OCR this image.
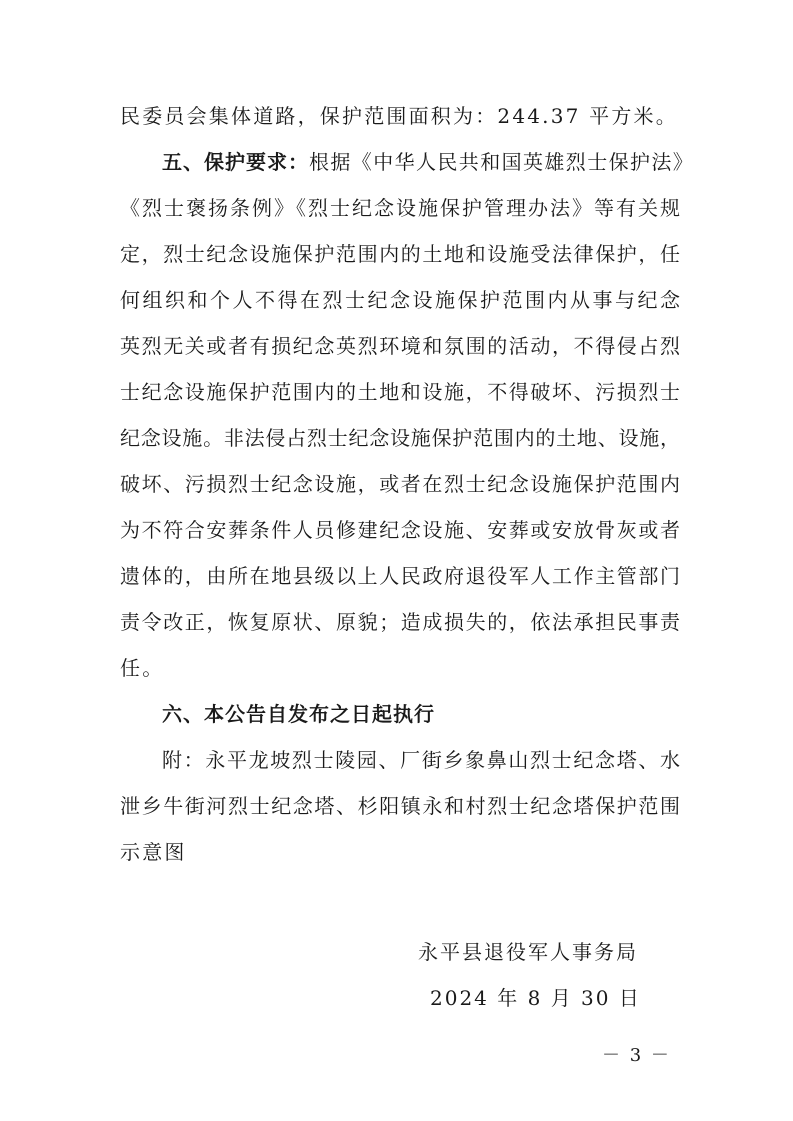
民委员会集体道路，保护范围面积为：244.37 平方米。
五、保护要求：根据《中华人民共和国英雄烈士保护法》
《烈士褒扬条例》《烈士纪念设施保护管理办法》等有关规
定，烈士纪念设施保护范围内的土地和设施受法律保护，任
何组织和个人不得在烈士纪念设施保护范围内从事与纪念
英烈无关或者有损纪念英烈环境和氛围的活动，不得侵占烈
士纪念设施保护范围内的土地和设施，不得破坏、污损烈士
纪念设施。非法侵占烈士纪念设施保护范围内的土地、设施，
破坏、污损烈士纪念设施，或者在烈士纪念设施保护范围内
为不符合安葬条件人员修建纪念设施、安葬或安放骨灰或者
遗体的，由所在地县级以上人民政府退役军人工作主管部门
责令改正，恢复原状、原貌；造成损失的，依法承担民事责
任。
六、本公告自发布之日起执行
附：永平龙坡烈士陵园、厂街乡象鼻山烈士纪念塔、水
泄乡牛街河烈士纪念塔、杉阳镇永和村烈士纪念塔保护范围
示意图
永平县退役军人事务局
2024 年 8 月 30 日
－ 3 －
